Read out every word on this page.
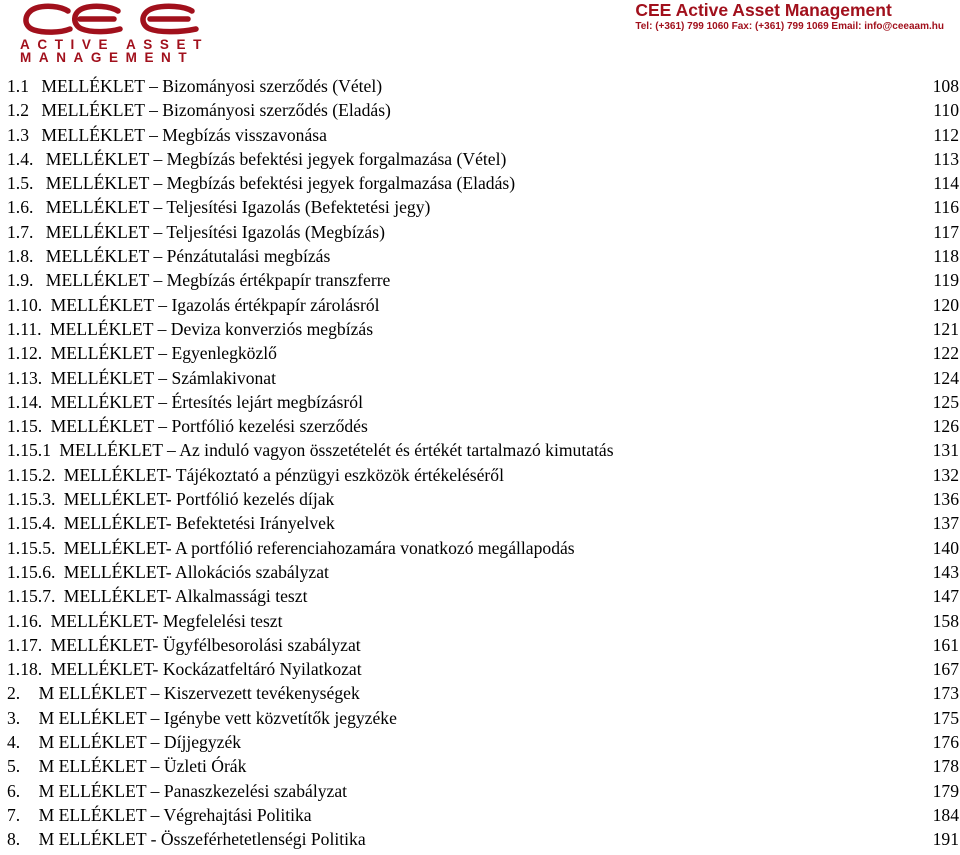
ACTIVE ASSET
MANAGEMENT
CEE Active Asset Management
Tel: (+361) 799 1060 Fax: (+361) 799 1069 Email: info@ceeaam.hu
1.1 MELLÉKLET – Bizományosi szerződés (Vétel)	108
1.2 MELLÉKLET – Bizományosi szerződés (Eladás)	110
1.3 MELLÉKLET – Megbízás visszavonása	112
1.4. MELLÉKLET – Megbízás befektési jegyek forgalmazása (Vétel)	113
1.5. MELLÉKLET – Megbízás befektési jegyek forgalmazása (Eladás)	114
1.6. MELLÉKLET – Teljesítési Igazolás (Befektetési jegy)	116
1.7. MELLÉKLET – Teljesítési Igazolás (Megbízás)	117
1.8. MELLÉKLET – Pénzátutalási megbízás	118
1.9. MELLÉKLET – Megbízás értékpapír transzferre	119
1.10. MELLÉKLET – Igazolás értékpapír zárolásról	120
1.11. MELLÉKLET – Deviza konverziós megbízás	121
1.12. MELLÉKLET – Egyenlegközlő	122
1.13. MELLÉKLET – Számlakivonat	124
1.14. MELLÉKLET – Értesítés lejárt megbízásról	125
1.15. MELLÉKLET – Portfólió kezelési szerződés	126
1.15.1 MELLÉKLET – Az induló vagyon összetételét és értékét tartalmazó kimutatás	131
1.15.2. MELLÉKLET- Tájékoztató a pénzügyi eszközök értékeléséről	132
1.15.3. MELLÉKLET- Portfólió kezelés díjak	136
1.15.4. MELLÉKLET- Befektetési Irányelvek	137
1.15.5. MELLÉKLET- A portfólió referenciahozamára vonatkozó megállapodás	140
1.15.6. MELLÉKLET- Allokációs szabályzat	143
1.15.7. MELLÉKLET- Alkalmassági teszt	147
1.16. MELLÉKLET- Megfelelési teszt	158
1.17. MELLÉKLET- Ügyfélbesorolási szabályzat	161
1.18. MELLÉKLET- Kockázatfeltáró Nyilatkozat	167
2. M ELLÉKLET – Kiszervezett tevékenységek	173
3. M ELLÉKLET – Igénybe vett közvetítők jegyzéke	175
4. M ELLÉKLET – Díjjegyzék	176
5. M ELLÉKLET – Üzleti Órák	178
6. M ELLÉKLET – Panaszkezelési szabályzat	179
7. M ELLÉKLET – Végrehajtási Politika	184
8. M ELLÉKLET - Összeférhetetlenségi Politika	191
